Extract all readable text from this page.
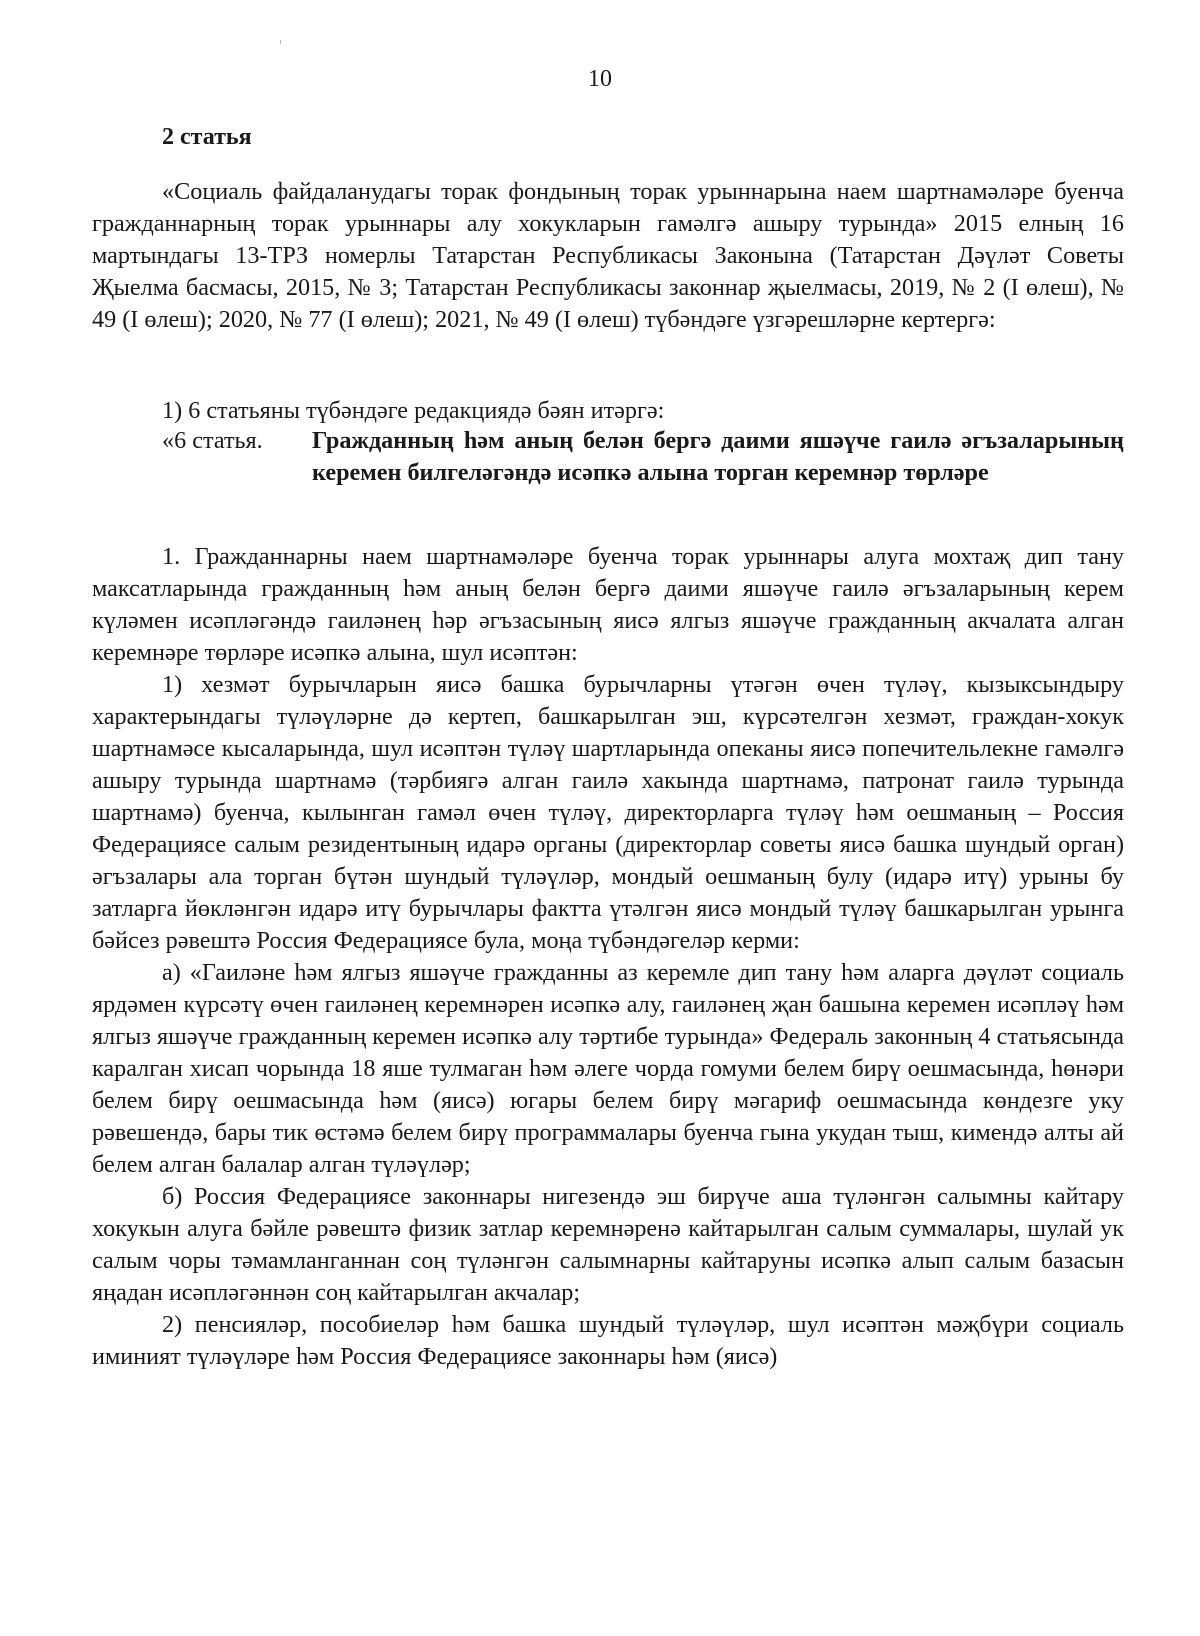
10
2 статья
«Социаль файдаланудагы торак фондының торак урыннарына наем шартнамәләре буенча гражданнарның торак урыннары алу хокукларын гамәлгә ашыру турында» 2015 елның 16 мартындагы 13-ТРЗ номерлы Татарстан Республикасы Законына (Татарстан Дәүләт Советы Җыелма басмасы, 2015, № 3; Татарстан Республикасы законнар җыелмасы, 2019, № 2 (I өлеш), № 49 (I өлеш); 2020, № 77 (I өлеш); 2021, № 49 (I өлеш) түбәндәге үзгәрешләрне кертергә:
1) 6 статьяны түбәндәге редакциядә бәян итәргә:
«6 статья.	Гражданның һәм аның белән бергә даими яшәүче гаилә әгъзаларының керемен билгеләгәндә исәпкә алына торган керемнәр төрләре

1. Гражданнарны наем шартнамәләре буенча торак урыннары алуга мохтаҗ дип тану максатларында гражданның һәм аның белән бергә даими яшәүче гаилә әгъзаларының керем күләмен исәпләгәндә гаиләнең һәр әгъзасының яисә ялгыз яшәүче гражданның акчалата алган керемнәре төрләре исәпкә алына, шул исәптән:

1) хезмәт бурычларын яисә башка бурычларны үтәгән өчен түләү, кызыксындыру характерындагы түләүләрне дә кертеп, башкарылган эш, күрсәтелгән хезмәт, граждан-хокук шартнамәсе кысаларында, шул исәптән түләү шартларында опеканы яисә попечительлекне гамәлгә ашыру турында шартнамә (тәрбиягә алган гаилә хакында шартнамә, патронат гаилә турында шартнамә) буенча, кылынган гамәл өчен түләү, директорларга түләү һәм оешманың – Россия Федерациясе салым резидентының идарә органы (директорлар советы яисә башка шундый орган) әгъзалары ала торган бүтән шундый түләүләр, мондый оешманың булу (идарә итү) урыны бу затларга йөкләнгән идарә итү бурычлары фактта үтәлгән яисә мондый түләү башкарылган урынга бәйсез рәвештә Россия Федерациясе була, моңа түбәндәгеләр керми:

а) «Гаиләне һәм ялгыз яшәүче гражданны аз керемле дип тану һәм аларга дәүләт социаль ярдәмен күрсәтү өчен гаиләнең керемнәрен исәпкә алу, гаиләнең җан башына керемен исәпләү һәм ялгыз яшәүче гражданның керемен исәпкә алу тәртибе турында» Федераль законның 4 статьясында каралган хисап чорында 18 яше тулмаган һәм әлеге чорда гомуми белем бирү оешмасында, һөнәри белем бирү оешмасында һәм (яисә) югары белем бирү мәгариф оешмасында көндезге уку рәвешендә, бары тик өстәмә белем бирү программалары буенча гына укудан тыш, кимендә алты ай белем алган балалар алган түләүләр;

б) Россия Федерациясе законнары нигезендә эш бирүче аша түләнгән салымны кайтару хокукын алуга бәйле рәвештә физик затлар керемнәренә кайтарылган салым суммалары, шулай ук салым чоры тәмамланганнан соң түләнгән салымнарны кайтаруны исәпкә алып салым базасын яңадан исәпләгәннән соң кайтарылган акчалар;

2) пенсияләр, пособиеләр һәм башка шундый түләүләр, шул исәптән мәҗбүри социаль иминият түләүләре һәм Россия Федерациясе законнары һәм (яисә)
